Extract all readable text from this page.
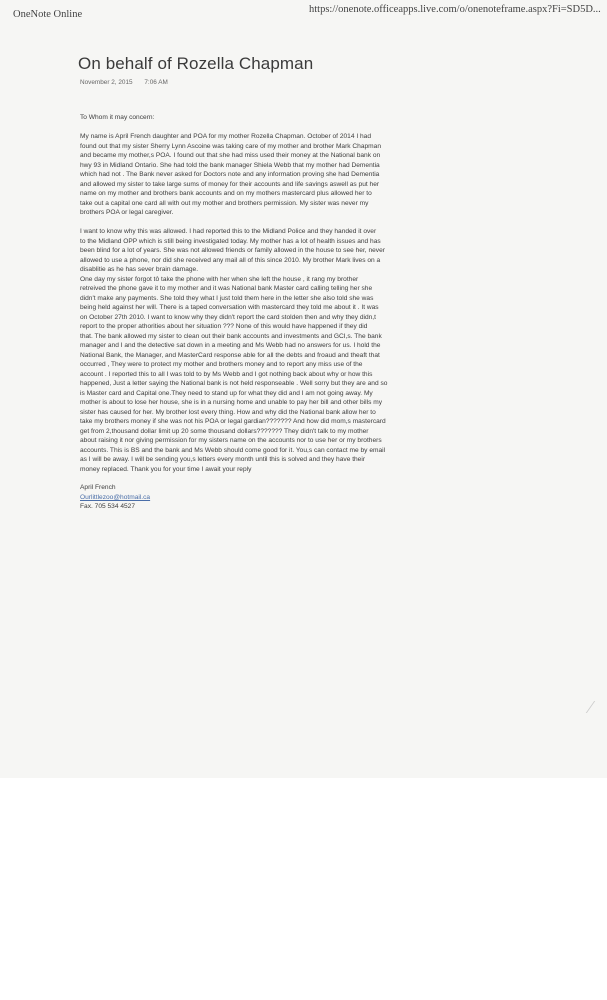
OneNote Online	https://onenote.officeapps.live.com/o/onenoteframe.aspx?Fi=SD5D...
On behalf of Rozella Chapman
November 2, 2015 7:06 AM

To Whom it may concern:

My name is April French daughter and POA for my mother Rozella Chapman. October of 2014 I had
found out that my sister Sherry Lynn Ascoine was taking care of my mother and brother Mark Chapman
and became my mother,s POA. I found out that she had miss used their money at the National bank on
hwy 93 in Midland Ontario. She had told the bank manager Shiela Webb that my mother had Dementia
which had not . The Bank never asked for Doctors note and any information proving she had Dementia
and allowed my sister to take large sums of money for their accounts and life savings aswell as put her
name on my mother and brothers bank accounts and on my mothers mastercard plus allowed her to
take out a capital one card all with out my mother and brothers permission. My sister was never my
brothers POA or legal caregiver.

I want to know why this was allowed. I had reported this to the Midland Police and they handed it over
to the Midland OPP which is still being investigated today. My mother has a lot of health issues and has
been blind for a lot of years. She was not allowed friends or family allowed in the house to see her, never
allowed to use a phone, nor did she received any mail all of this since 2010. My brother Mark lives on a
disablitie as he has sever brain damage.
One day my sister forgot tô take the phone with her when she left the house , it rang my brother
retreived the phone gave it to my mother and it was National bank Master card calling telling her she
didn't make any payments. She told they what I just told them here in the letter she also told she was
being held against her will. There is a taped conversation with mastercard they told me about it . It was
on October 27th 2010. I want to know why they didn't report the card stolden then and why they didn,t
report to the proper athorities about her situation ??? None of this would have happened if they did
that. The bank allowed my sister to clean out their bank accounts and investments and GCI,s. The bank
manager and I and the detective sat down in a meeting and Ms Webb had no answers for us. I hold the
National Bank, the Manager, and MasterCard response able for all the debts and froaud and theaft that
occurred , They were to protect my mother and brothers money and to report any miss use of the
account . I reported this to all I was told to by Ms Webb and I got nothing back about why or how this
happened, Just a letter saying the National bank is not held responseable . Well sorry but they are and so
is Master card and Capital one.They need to stand up for what they did and I am not going away. My
mother is about to lose her house, she is in a nursing home and unable to pay her bill and other bills my
sister has caused for her. My brother lost every thing. How and why did the National bank allow her to
take my brothers money if she was not his POA or legal gardian??????? And how did mom,s mastercard
get from 2,thousand dollar limit up 20 some thousand dollars??????? They didn't talk to my mother
about raising it nor giving permission for my sisters name on the accounts nor to use her or my brothers
accounts. This is BS and the bank and Ms Webb should come good for it. You,s can contact me by email
as I will be away. I will be sending you,s letters every month until this is solved and they have their
money replaced. Thank you for your time I await your reply

April French
Ourlittlezoo@hotmail.ca
Fax. 705 534 4527
